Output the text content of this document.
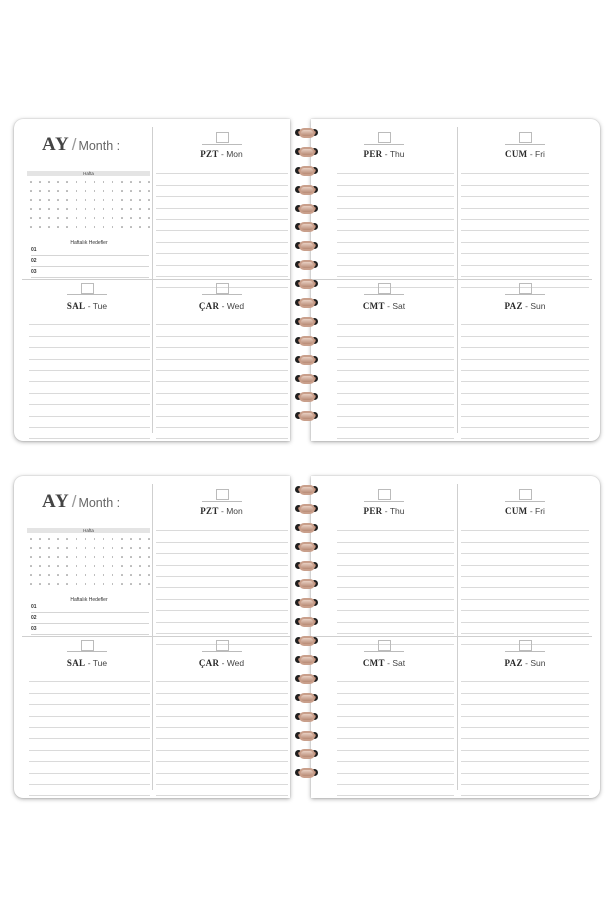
AY / Month :
Hafta
Haftalık Hedefler
01
02
03
PZT - Mon
SAL - Tue	ÇAR - Wed
PER - Thu	CUM - Fri
CMT - Sat	PAZ - Sun
AY / Month :
Hafta
Haftalık Hedefler
01
02
03
PZT - Mon
SAL - Tue	ÇAR - Wed
PER - Thu	CUM - Fri
CMT - Sat	PAZ - Sun
